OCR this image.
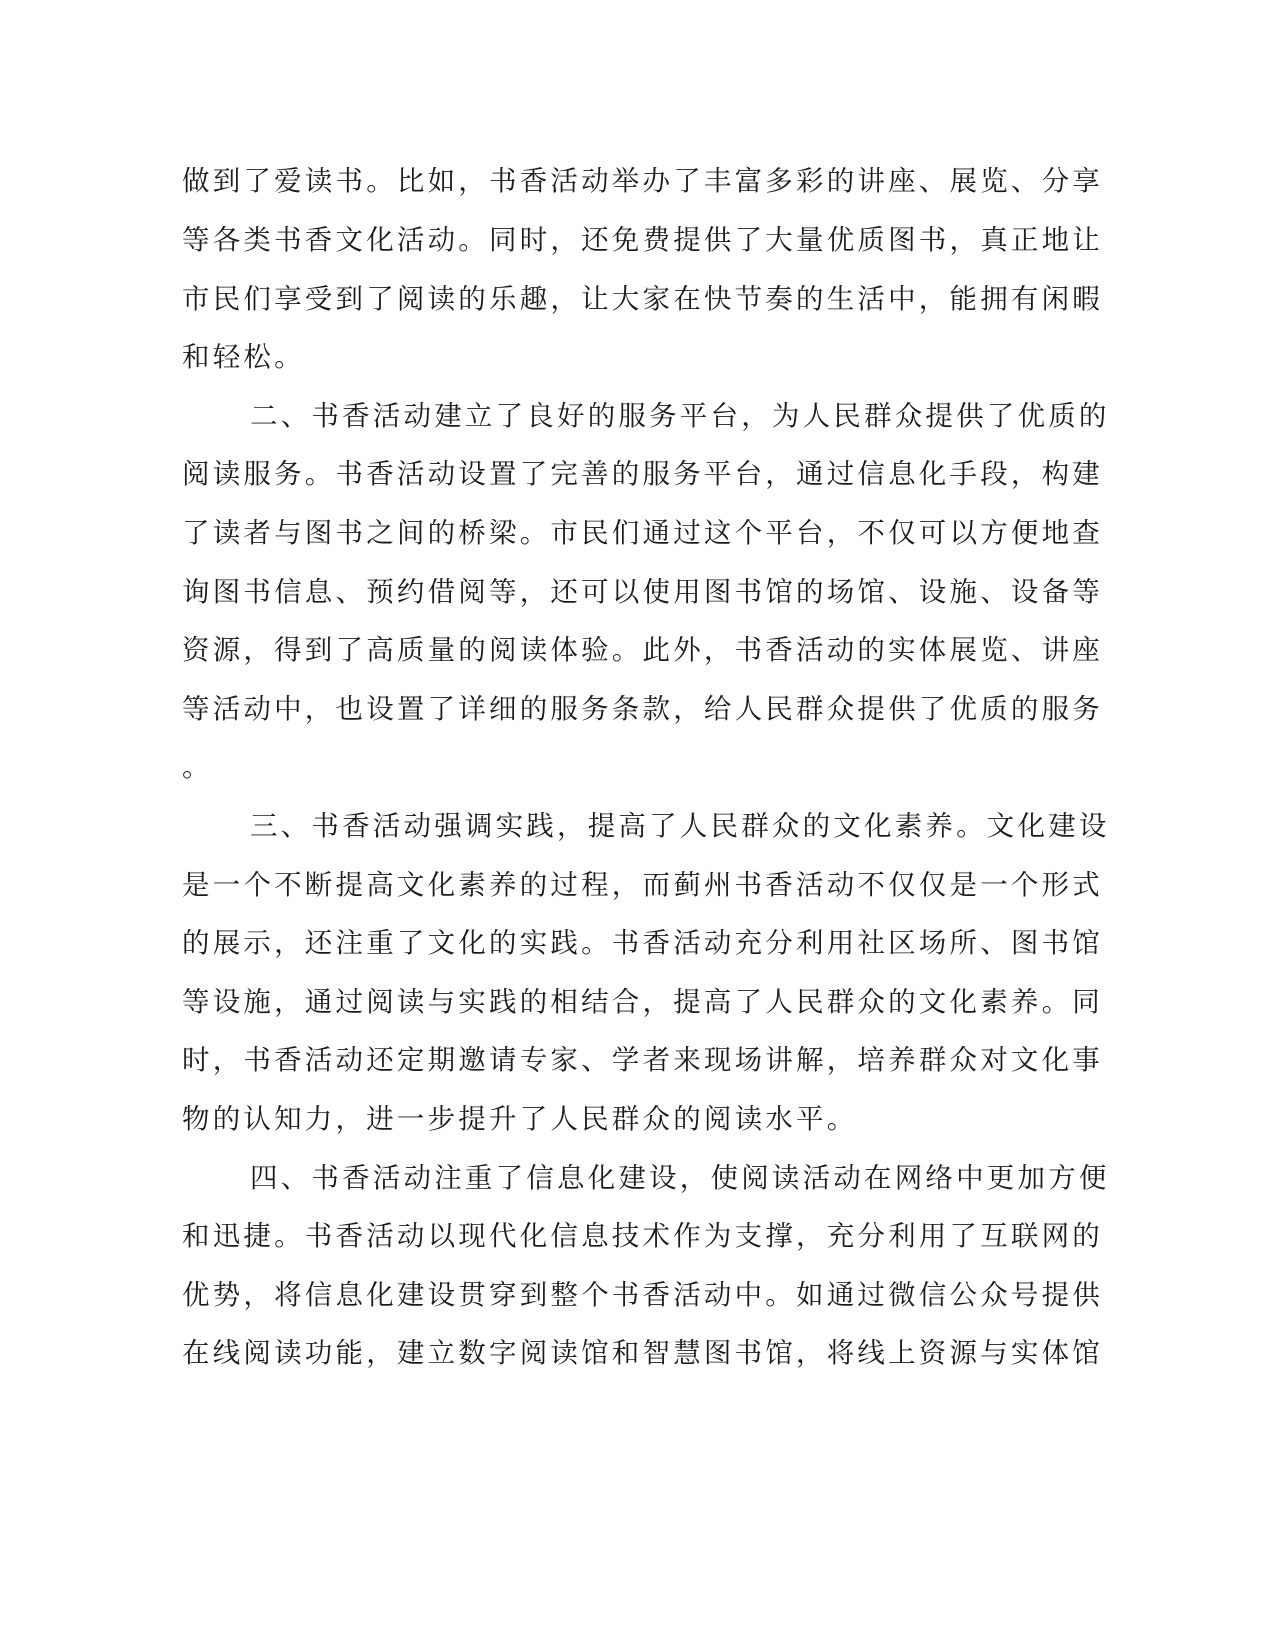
做到了爱读书。比如，书香活动举办了丰富多彩的讲座、展览、分享

等各类书香文化活动。同时，还免费提供了大量优质图书，真正地让

市民们享受到了阅读的乐趣，让大家在快节奏的生活中，能拥有闲暇

和轻松。

二、书香活动建立了良好的服务平台，为人民群众提供了优质的

阅读服务。书香活动设置了完善的服务平台，通过信息化手段，构建

了读者与图书之间的桥梁。市民们通过这个平台，不仅可以方便地查

询图书信息、预约借阅等，还可以使用图书馆的场馆、设施、设备等

资源，得到了高质量的阅读体验。此外，书香活动的实体展览、讲座

等活动中，也设置了详细的服务条款，给人民群众提供了优质的服务

。

三、书香活动强调实践，提高了人民群众的文化素养。文化建设

是一个不断提高文化素养的过程，而蓟州书香活动不仅仅是一个形式

的展示，还注重了文化的实践。书香活动充分利用社区场所、图书馆

等设施，通过阅读与实践的相结合，提高了人民群众的文化素养。同

时，书香活动还定期邀请专家、学者来现场讲解，培养群众对文化事

物的认知力，进一步提升了人民群众的阅读水平。

四、书香活动注重了信息化建设，使阅读活动在网络中更加方便

和迅捷。书香活动以现代化信息技术作为支撑，充分利用了互联网的

优势，将信息化建设贯穿到整个书香活动中。如通过微信公众号提供

在线阅读功能，建立数字阅读馆和智慧图书馆，将线上资源与实体馆
